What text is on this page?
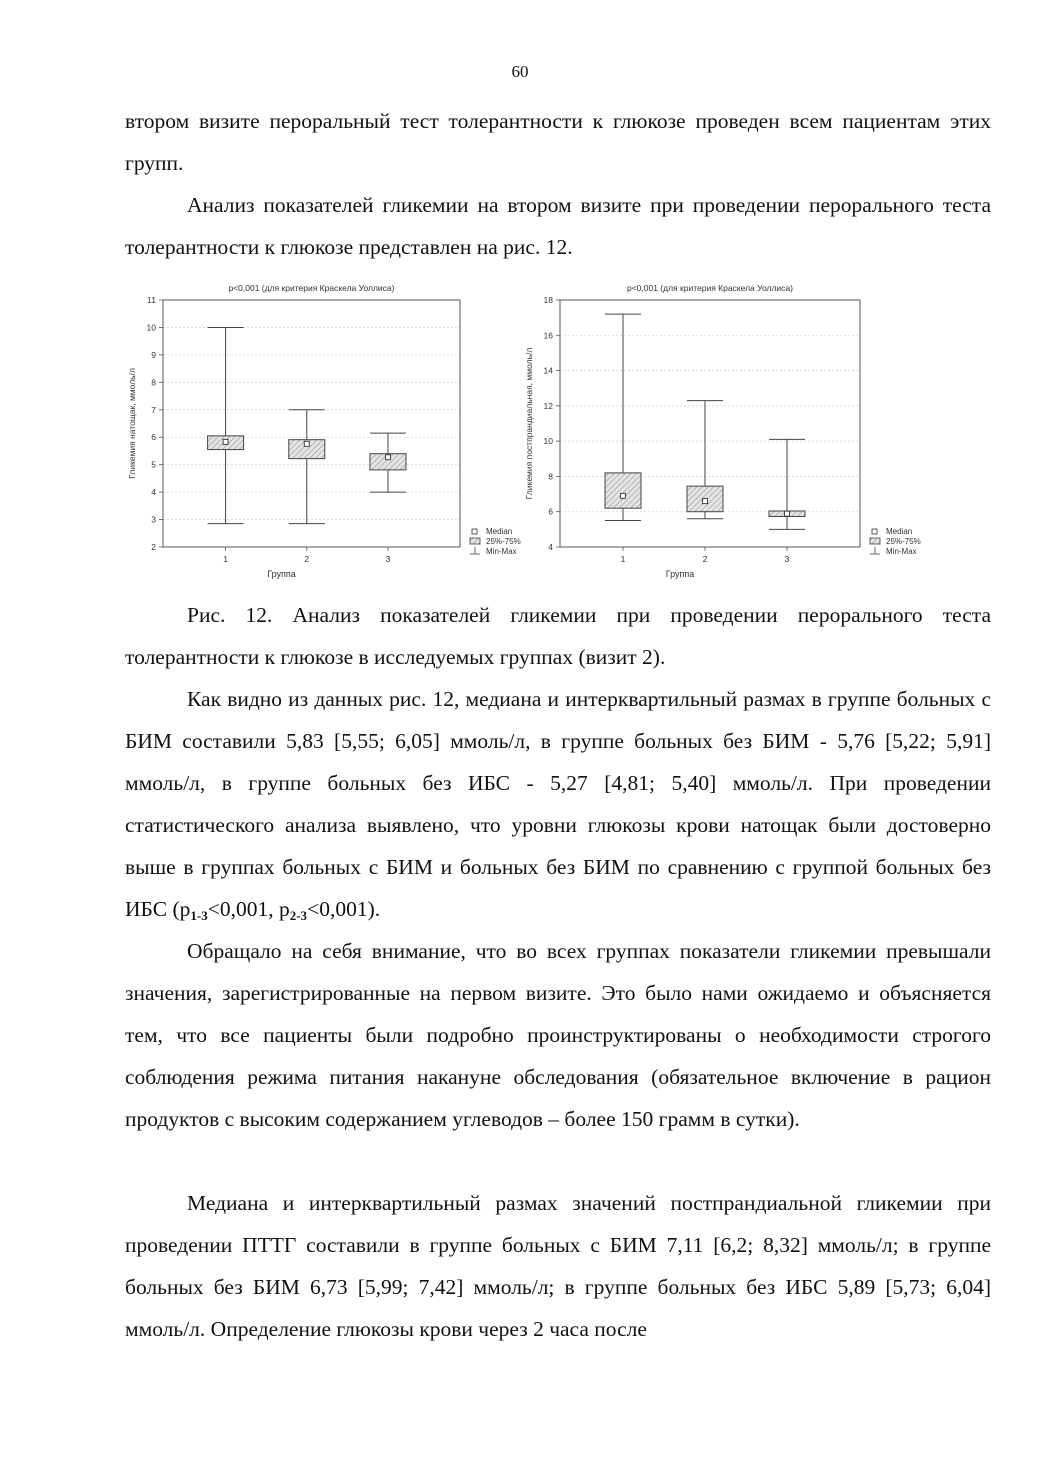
60

втором визите пероральный тест толерантности к глюкозе проведен всем пациентам этих групп.

Анализ показателей гликемии на втором визите при проведении перорального теста толерантности к глюкозе представлен на рис. 12.

2
3
4
5
6
7
8
9
10
11
p<0,001 (для критерия Краскела Уоллиса)
Группа
Гликемия натощак, ммоль/л
1	2	3
Median
25%-75%
Min-Max	4
6
8
10
12
14
16
18
p<0,001 (для критерия Краскела Уоллиса)
Группа
Гликемия постпрандиальная, ммоль/л
1	2	3
Median
25%-75%
Min-Max

Рис. 12. Анализ показателей гликемии при проведении перорального теста толерантности к глюкозе в исследуемых группах (визит 2).

Как видно из данных рис. 12, медиана и интерквартильный размах в группе больных с БИМ составили 5,83 [5,55; 6,05] ммоль/л, в группе больных без БИМ - 5,76 [5,22; 5,91] ммоль/л, в группе больных без ИБС - 5,27 [4,81; 5,40] ммоль/л. При проведении статистического анализа выявлено, что уровни глюкозы крови натощак были достоверно выше в группах больных с БИМ и больных без БИМ по сравнению с группой больных без ИБС ($p_{1-3}<0,001$, $p_{2-3}<0,001$).

Обращало на себя внимание, что во всех группах показатели гликемии превышали значения, зарегистрированные на первом визите. Это было нами ожидаемо и объясняется тем, что все пациенты были подробно проинструктированы о необходимости строгого соблюдения режима питания накануне обследования (обязательное включение в рацион продуктов с высоким содержанием углеводов – более 150 грамм в сутки).

Медиана и интерквартильный размах значений постпрандиальной гликемии при проведении ПТТГ составили в группе больных с БИМ 7,11 [6,2; 8,32] ммоль/л; в группе больных без БИМ 6,73 [5,99; 7,42] ммоль/л; в группе больных без ИБС 5,89 [5,73; 6,04] ммоль/л. Определение глюкозы крови через 2 часа после
